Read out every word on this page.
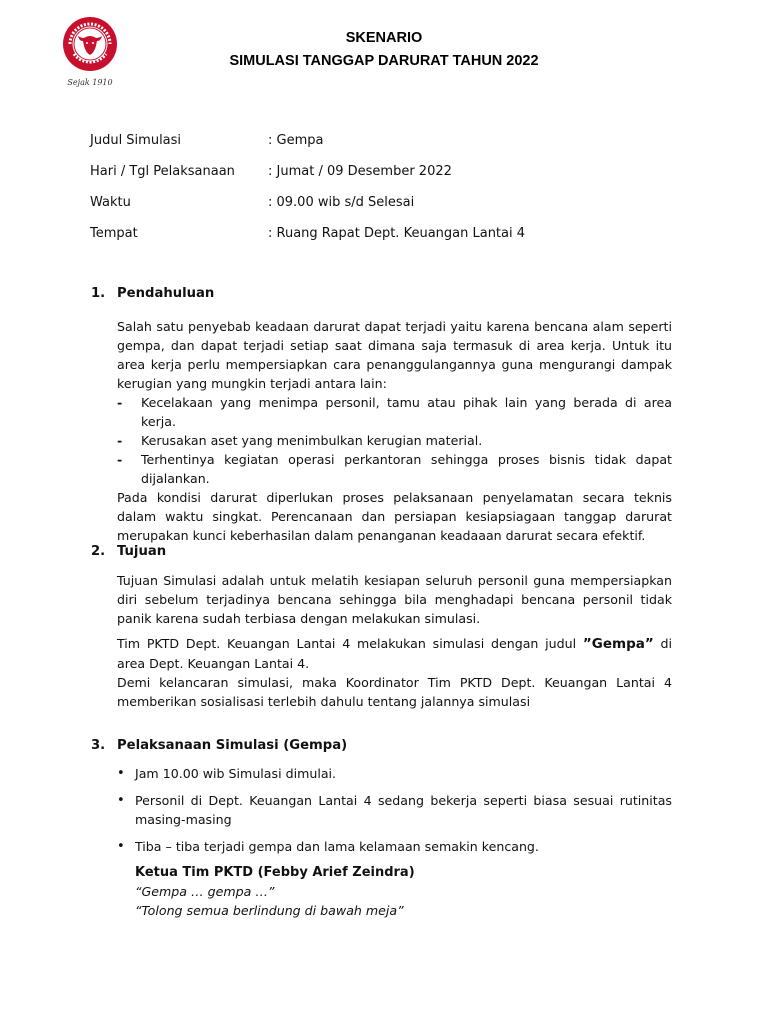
Sejak 1910
SKENARIO
SIMULASI TANGGAP DARURAT TAHUN 2022
Judul Simulasi	: Gempa
Hari / Tgl Pelaksanaan	: Jumat / 09 Desember 2022
Waktu	: 09.00 wib s/d Selesai
Tempat	: Ruang Rapat Dept. Keuangan Lantai 4
1. Pendahuluan

Salah satu penyebab keadaan darurat dapat terjadi yaitu karena bencana alam seperti gempa, dan dapat terjadi setiap saat dimana saja termasuk di area kerja. Untuk itu area kerja perlu mempersiapkan cara penanggulangannya guna mengurangi dampak kerugian yang mungkin terjadi antara lain:

-	Kecelakaan yang menimpa personil, tamu atau pihak lain yang berada di area kerja.
-	Kerusakan aset yang menimbulkan kerugian material.
-	Terhentinya kegiatan operasi perkantoran sehingga proses bisnis tidak dapat dijalankan.

Pada kondisi darurat diperlukan proses pelaksanaan penyelamatan secara teknis dalam waktu singkat. Perencanaan dan persiapan kesiapsiagaan tanggap darurat merupakan kunci keberhasilan dalam penanganan keadaaan darurat secara efektif.

2. Tujuan

Tujuan Simulasi adalah untuk melatih kesiapan seluruh personil guna mempersiapkan diri sebelum terjadinya bencana sehingga bila menghadapi bencana personil tidak panik karena sudah terbiasa dengan melakukan simulasi.

Tim PKTD Dept. Keuangan Lantai 4 melakukan simulasi dengan judul ”Gempa” di area Dept. Keuangan Lantai 4.

Demi kelancaran simulasi, maka Koordinator Tim PKTD Dept. Keuangan Lantai 4 memberikan sosialisasi terlebih dahulu tentang jalannya simulasi

3. Pelaksanaan Simulasi (Gempa)
• Jam 10.00 wib Simulasi dimulai.
• Personil di Dept. Keuangan Lantai 4 sedang bekerja seperti biasa sesuai rutinitas masing-masing
• Tiba – tiba terjadi gempa dan lama kelamaan semakin kencang.
Ketua Tim PKTD (Febby Arief Zeindra)
“Gempa … gempa …”
“Tolong semua berlindung di bawah meja”
